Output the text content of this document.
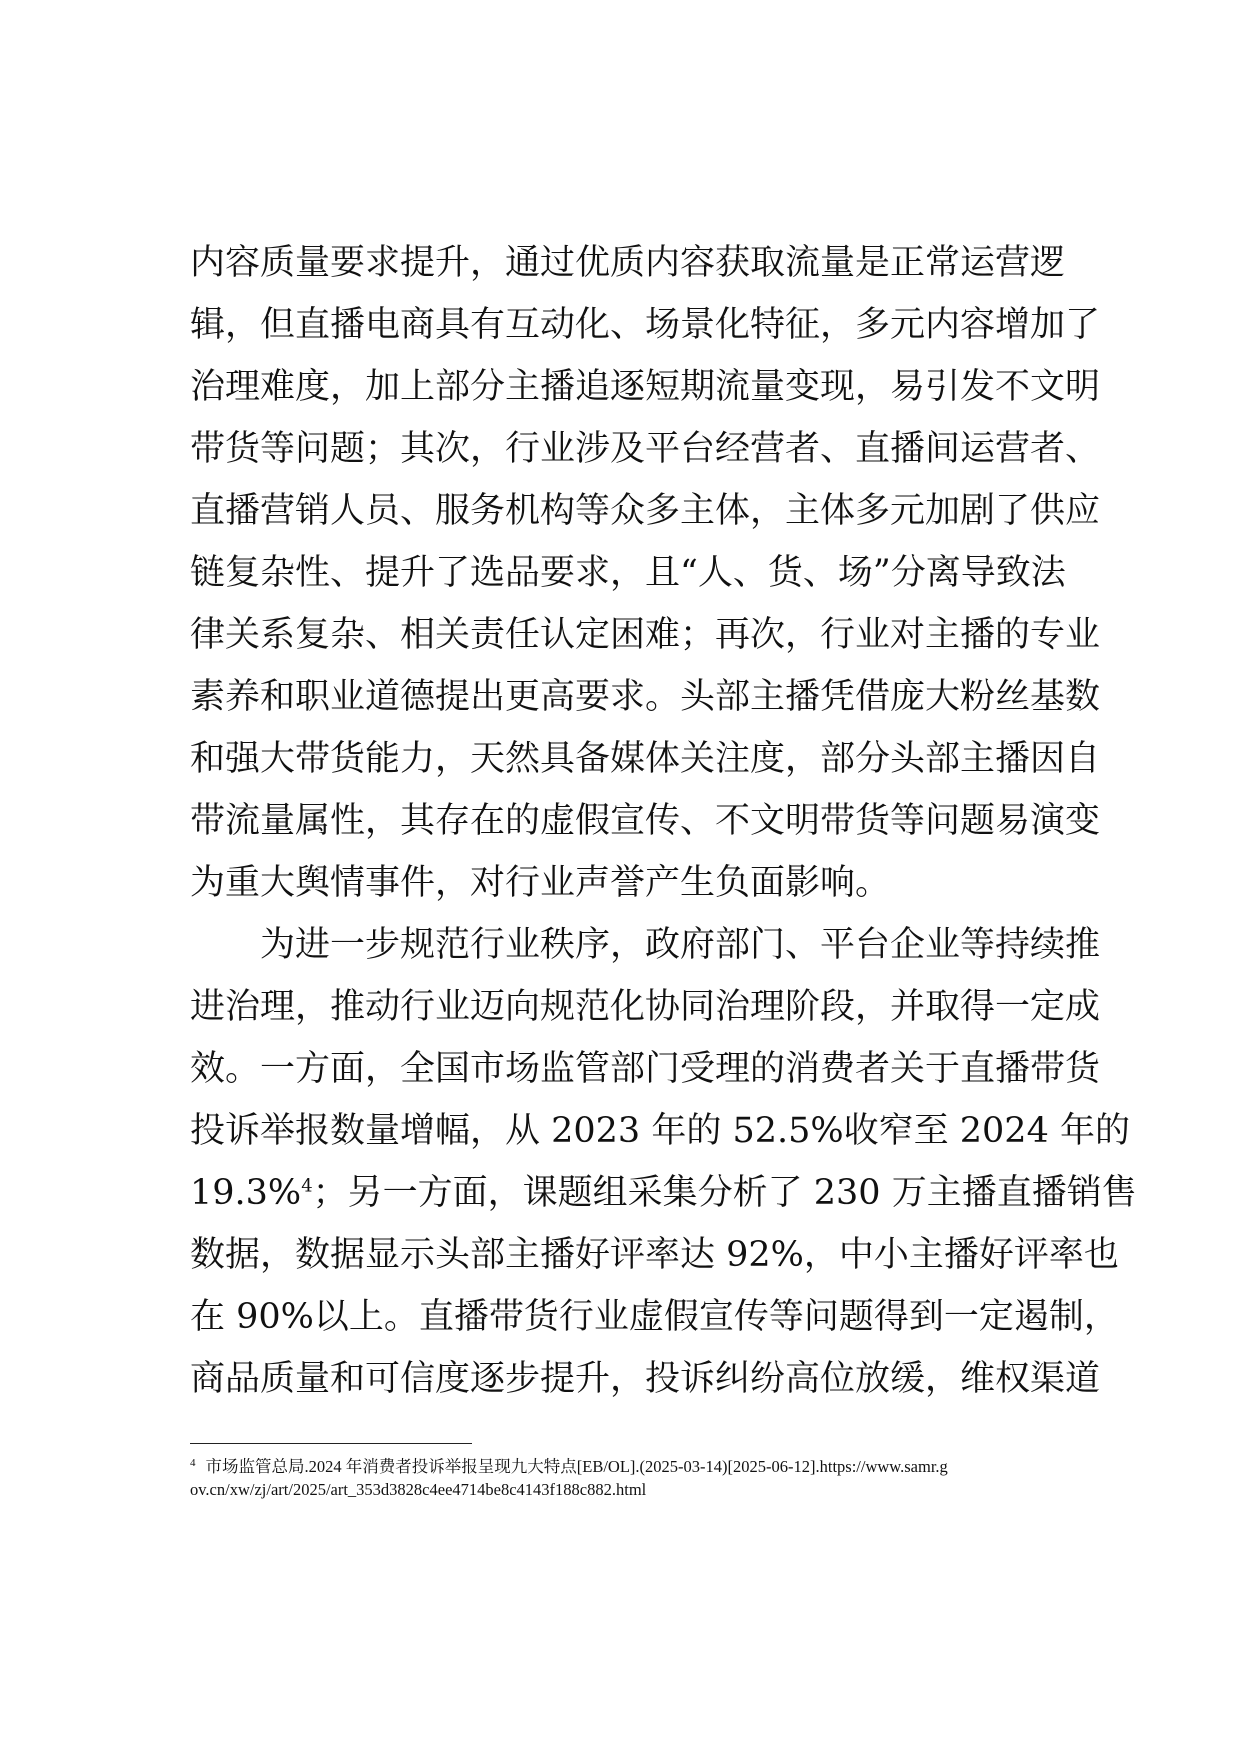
内容质量要求提升，通过优质内容获取流量是正常运营逻
辑，但直播电商具有互动化、场景化特征，多元内容增加了
治理难度，加上部分主播追逐短期流量变现，易引发不文明
带货等问题；其次，行业涉及平台经营者、直播间运营者、
直播营销人员、服务机构等众多主体，主体多元加剧了供应
链复杂性、提升了选品要求，且“人、货、场”分离导致法
律关系复杂、相关责任认定困难；再次，行业对主播的专业
素养和职业道德提出更高要求。头部主播凭借庞大粉丝基数
和强大带货能力，天然具备媒体关注度，部分头部主播因自
带流量属性，其存在的虚假宣传、不文明带货等问题易演变
为重大舆情事件，对行业声誉产生负面影响。
为进一步规范行业秩序，政府部门、平台企业等持续推
进治理，推动行业迈向规范化协同治理阶段，并取得一定成
效。一方面，全国市场监管部门受理的消费者关于直播带货
投诉举报数量增幅，从 2023 年的 52.5%收窄至 2024 年的
19.3%$^4$；另一方面，课题组采集分析了 230 万主播直播销售
数据，数据显示头部主播好评率达 92%，中小主播好评率也
在 90%以上。直播带货行业虚假宣传等问题得到一定遏制，
商品质量和可信度逐步提升，投诉纠纷高位放缓，维权渠道
$^4$ 市场监管总局.2024 年消费者投诉举报呈现九大特点[EB/OL].(2025-03-14)[2025-06-12].https://www.samr.g
ov.cn/xw/zj/art/2025/art_353d3828c4ee4714be8c4143f188c882.html
